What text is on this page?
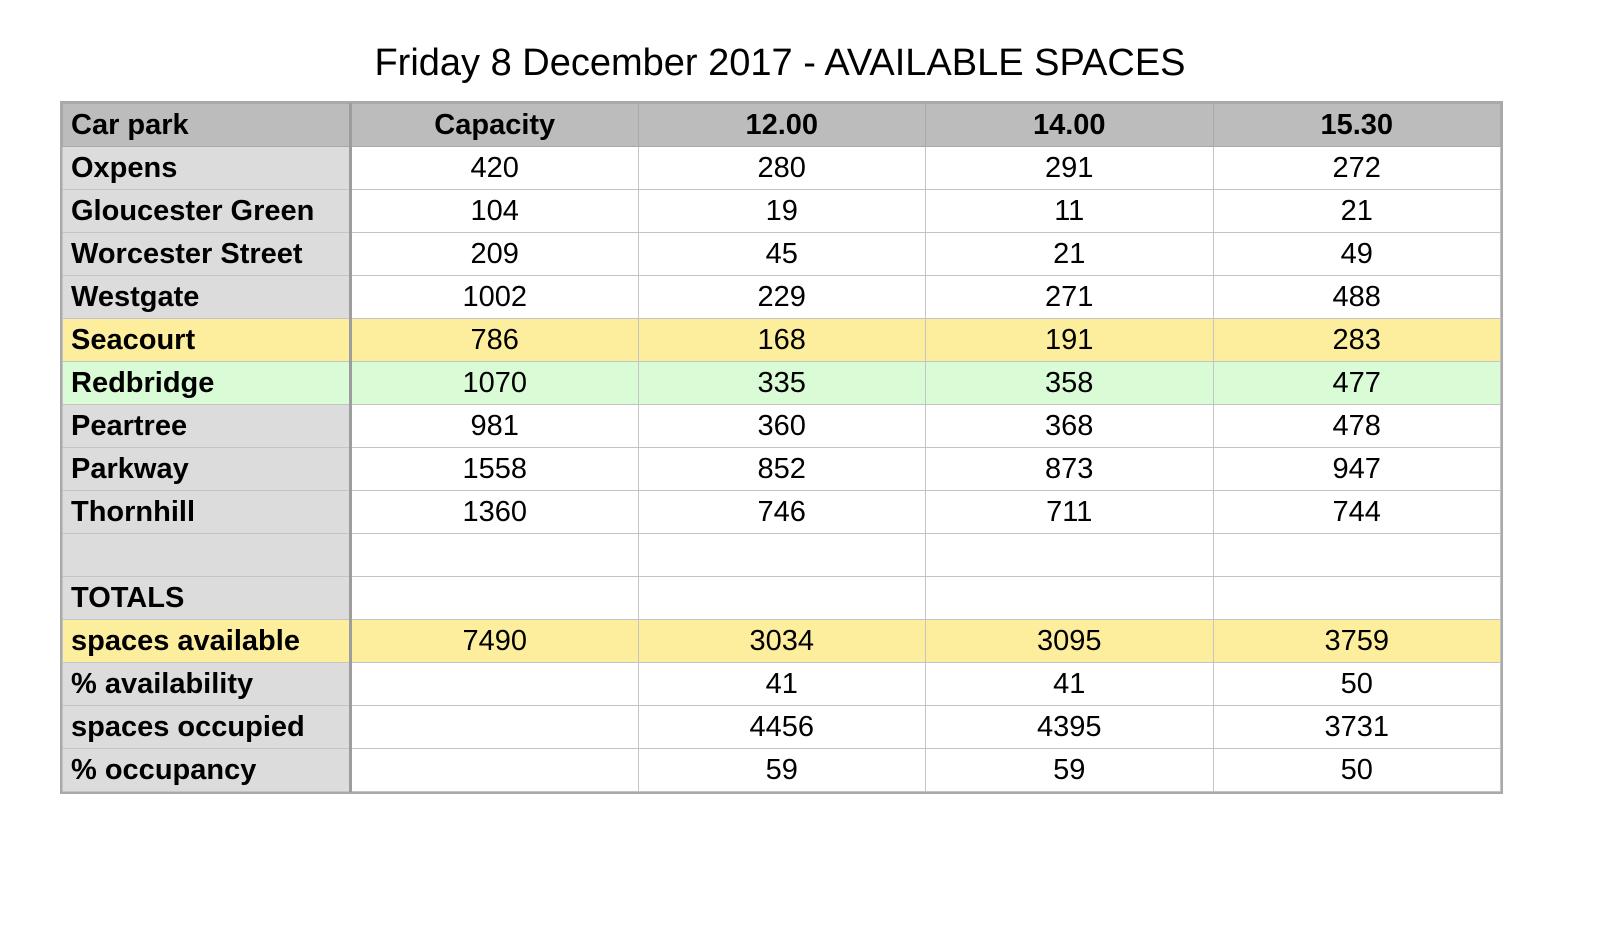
Friday 8 December 2017 - AVAILABLE SPACES
Car park	Capacity	12.00	14.00	15.30
Oxpens	420	280	291	272
Gloucester Green	104	19	11	21
Worcester Street	209	45	21	49
Westgate	1002	229	271	488
Seacourt	786	168	191	283
Redbridge	1070	335	358	477
Peartree	981	360	368	478
Parkway	1558	852	873	947
Thornhill	1360	746	711	744

TOTALS				
spaces available	7490	3034	3095	3759
% availability		41	41	50
spaces occupied		4456	4395	3731
% occupancy		59	59	50
